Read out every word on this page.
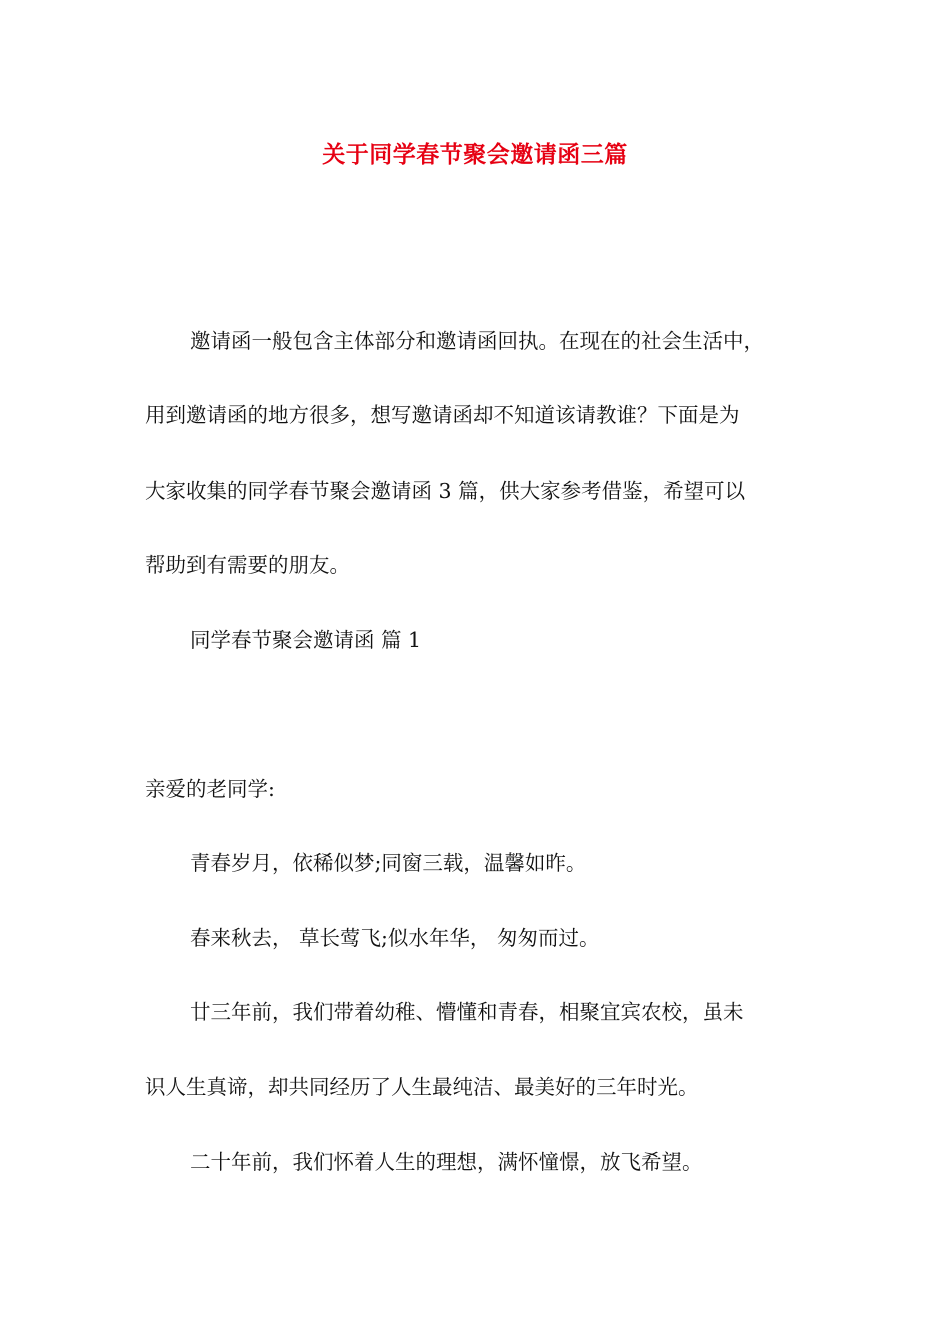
关于同学春节聚会邀请函三篇
邀请函一般包含主体部分和邀请函回执。在现在的社会生活中，
用到邀请函的地方很多，想写邀请函却不知道该请教谁？下面是为
大家收集的同学春节聚会邀请函 3 篇，供大家参考借鉴，希望可以
帮助到有需要的朋友。
同学春节聚会邀请函 篇 1
亲爱的老同学:
青春岁月，依稀似梦;同窗三载，温馨如昨。
春来秋去， 草长莺飞;似水年华， 匆匆而过。
廿三年前，我们带着幼稚、懵懂和青春，相聚宜宾农校，虽未
识人生真谛，却共同经历了人生最纯洁、最美好的三年时光。
二十年前，我们怀着人生的理想，满怀憧憬，放飞希望。
